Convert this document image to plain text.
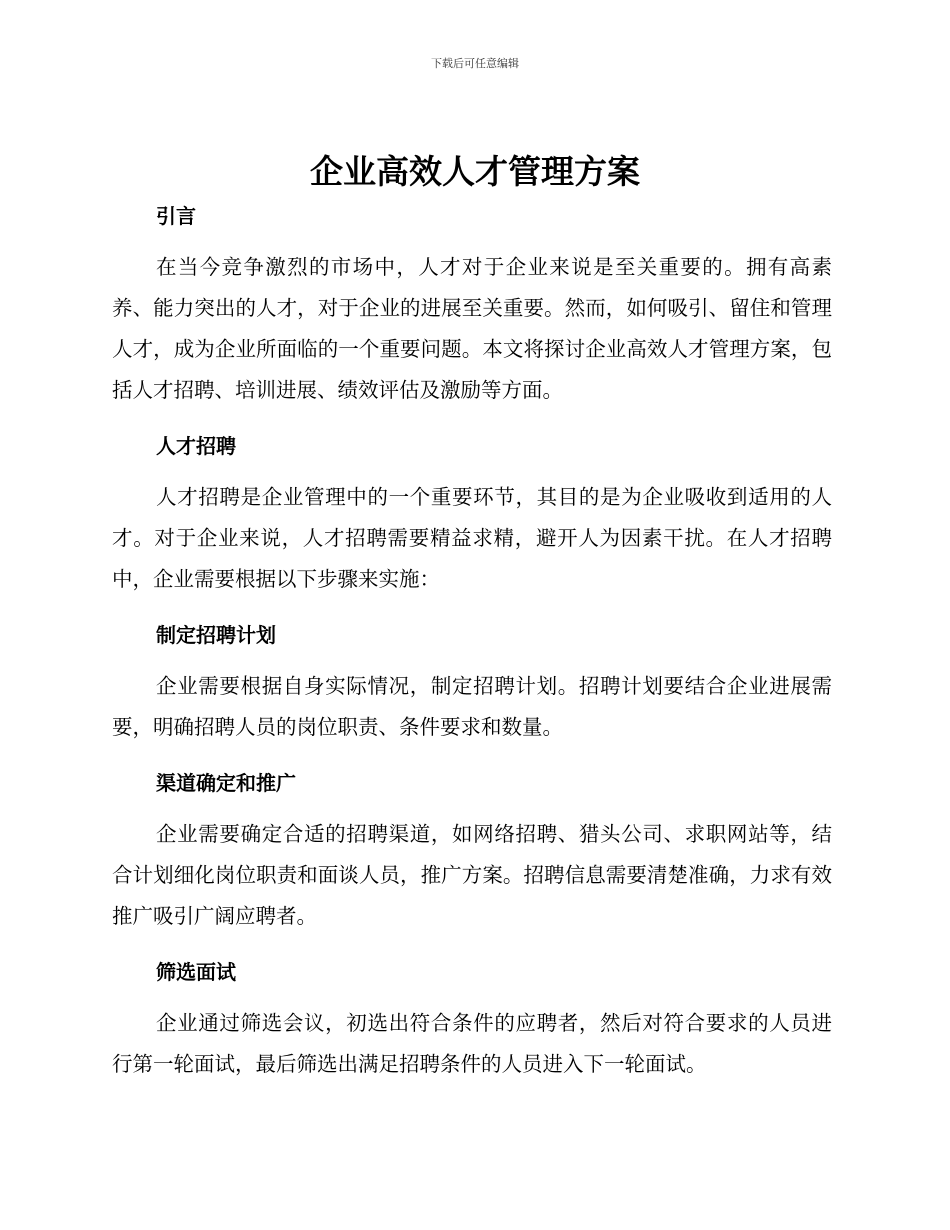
下载后可任意编辑
企业高效人才管理方案
引言

在当今竞争激烈的市场中，人才对于企业来说是至关重要的。拥有高素养、能力突出的人才，对于企业的进展至关重要。然而，如何吸引、留住和管理人才，成为企业所面临的一个重要问题。本文将探讨企业高效人才管理方案，包括人才招聘、培训进展、绩效评估及激励等方面。

人才招聘

人才招聘是企业管理中的一个重要环节，其目的是为企业吸收到适用的人才。对于企业来说，人才招聘需要精益求精，避开人为因素干扰。在人才招聘中，企业需要根据以下步骤来实施：

制定招聘计划

企业需要根据自身实际情况，制定招聘计划。招聘计划要结合企业进展需要，明确招聘人员的岗位职责、条件要求和数量。

渠道确定和推广

企业需要确定合适的招聘渠道，如网络招聘、猎头公司、求职网站等，结合计划细化岗位职责和面谈人员，推广方案。招聘信息需要清楚准确，力求有效推广吸引广阔应聘者。

筛选面试

企业通过筛选会议，初选出符合条件的应聘者，然后对符合要求的人员进行第一轮面试，最后筛选出满足招聘条件的人员进入下一轮面试。
